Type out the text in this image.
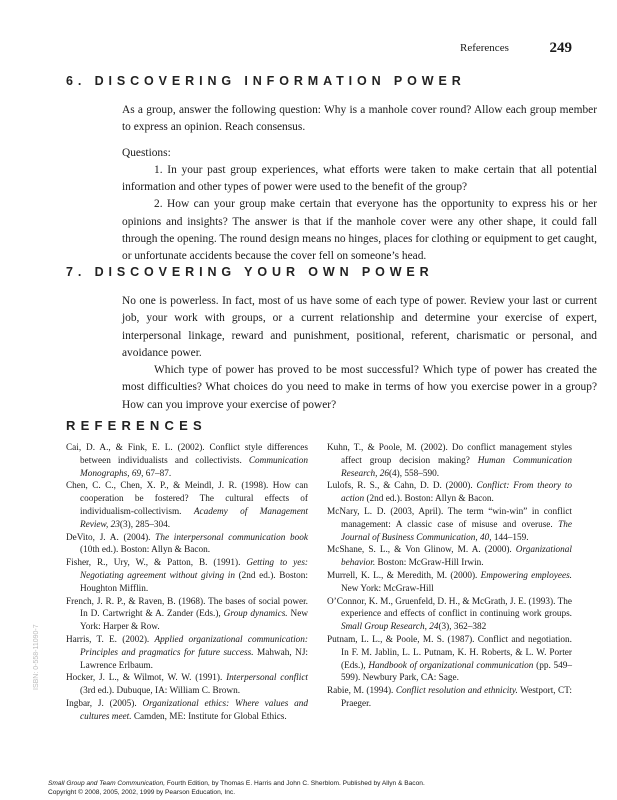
References	249
6. DISCOVERING INFORMATION POWER

As a group, answer the following question: Why is a manhole cover round? Allow each group member to express an opinion. Reach consensus.

Questions:

1. In your past group experiences, what efforts were taken to make certain that all potential information and other types of power were used to the benefit of the group?

2. How can your group make certain that everyone has the opportunity to express his or her opinions and insights? The answer is that if the manhole cover were any other shape, it could fall through the opening. The round design means no hinges, places for clothing or equipment to get caught, or unfortunate accidents because the cover fell on someone’s head.

7. DISCOVERING YOUR OWN POWER

No one is powerless. In fact, most of us have some of each type of power. Review your last or current job, your work with groups, or a current relationship and determine your exercise of expert, interpersonal linkage, reward and punishment, positional, referent, charismatic or personal, and avoidance power.

Which type of power has proved to be most successful? Which type of power has created the most difficulties? What choices do you need to make in terms of how you exercise power in a group? How can you improve your exercise of power?

REFERENCES

Cai, D. A., & Fink, E. L. (2002). Conflict style differences between individualists and collectivists. Communication Monographs, 69, 67–87.

Chen, C. C., Chen, X. P., & Meindl, J. R. (1998). How can cooperation be fostered? The cultural effects of individualism-collectivism. Academy of Management Review, 23(3), 285–304.

DeVito, J. A. (2004). The interpersonal communication book (10th ed.). Boston: Allyn & Bacon.

Fisher, R., Ury, W., & Patton, B. (1991). Getting to yes: Negotiating agreement without giving in (2nd ed.). Boston: Houghton Mifflin.

French, J. R. P., & Raven, B. (1968). The bases of social power. In D. Cartwright & A. Zander (Eds.), Group dynamics. New York: Harper & Row.

Harris, T. E. (2002). Applied organizational communication: Principles and pragmatics for future success. Mahwah, NJ: Lawrence Erlbaum.

Hocker, J. L., & Wilmot, W. W. (1991). Interpersonal conflict (3rd ed.). Dubuque, IA: William C. Brown.

Ingbar, J. (2005). Organizational ethics: Where values and cultures meet. Camden, ME: Institute for Global Ethics.

Kuhn, T., & Poole, M. (2002). Do conflict management styles affect group decision making? Human Communication Research, 26(4), 558–590.

Lulofs, R. S., & Cahn, D. D. (2000). Conflict: From theory to action (2nd ed.). Boston: Allyn & Bacon.

McNary, L. D. (2003, April). The term “win-win” in conflict management: A classic case of misuse and overuse. The Journal of Business Communication, 40, 144–159.

McShane, S. L., & Von Glinow, M. A. (2000). Organizational behavior. Boston: McGraw-Hill Irwin.

Murrell, K. L., & Meredith, M. (2000). Empowering employees. New York: McGraw-Hill

O’Connor, K. M., Gruenfeld, D. H., & McGrath, J. E. (1993). The experience and effects of conflict in continuing work groups. Small Group Research, 24(3), 362–382

Putnam, L. L., & Poole, M. S. (1987). Conflict and negotiation. In F. M. Jablin, L. L. Putnam, K. H. Roberts, & L. W. Porter (Eds.), Handbook of organizational communication (pp. 549–599). Newbury Park, CA: Sage.

Rabie, M. (1994). Conflict resolution and ethnicity. Westport, CT: Praeger.

ISBN: 0-558-11090-7
Small Group and Team Communication, Fourth Edition, by Thomas E. Harris and John C. Sherblom. Published by Allyn & Bacon.
Copyright © 2008, 2005, 2002, 1999 by Pearson Education, Inc.
